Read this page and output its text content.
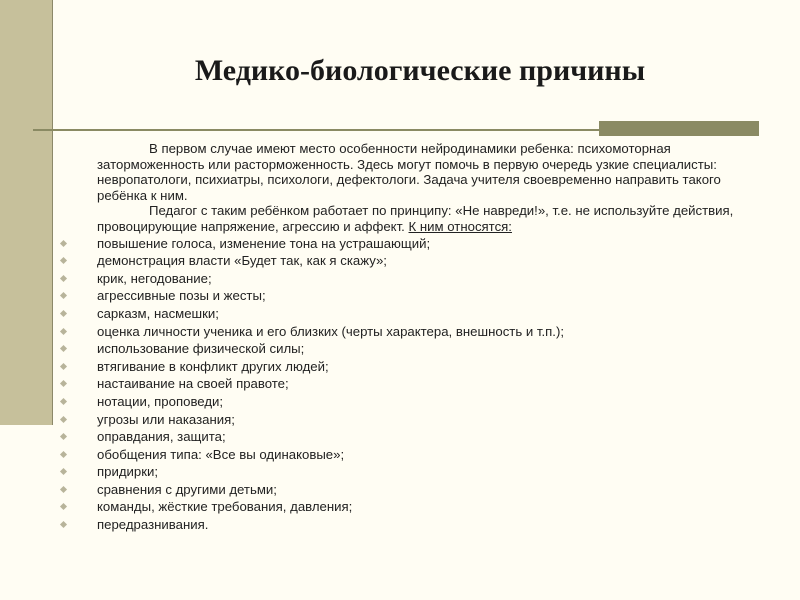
Медико-биологические причины

В первом случае имеют место особенности нейродинамики ребенка: психомоторная заторможенность или расторможенность. Здесь могут помочь в первую очередь узкие специалисты: невропатологи, психиатры, психологи, дефектологи. Задача учителя своевременно направить такого ребёнка к ним.

Педагог с таким ребёнком работает по принципу: «Не навреди!», т.е. не используйте действия, провоцирующие напряжение, агрессию и аффект. К ним относятся:

повышение голоса, изменение тона на устрашающий;
демонстрация власти «Будет так, как я скажу»;
крик, негодование;
агрессивные позы и жесты;
сарказм, насмешки;
оценка личности ученика и его близких (черты характера, внешность и т.п.);
использование физической силы;
втягивание в конфликт других людей;
настаивание на своей правоте;
нотации, проповеди;
угрозы или наказания;
оправдания, защита;
обобщения типа: «Все вы одинаковые»;
придирки;
сравнения с другими детьми;
команды, жёсткие требования, давления;
передразнивания.
